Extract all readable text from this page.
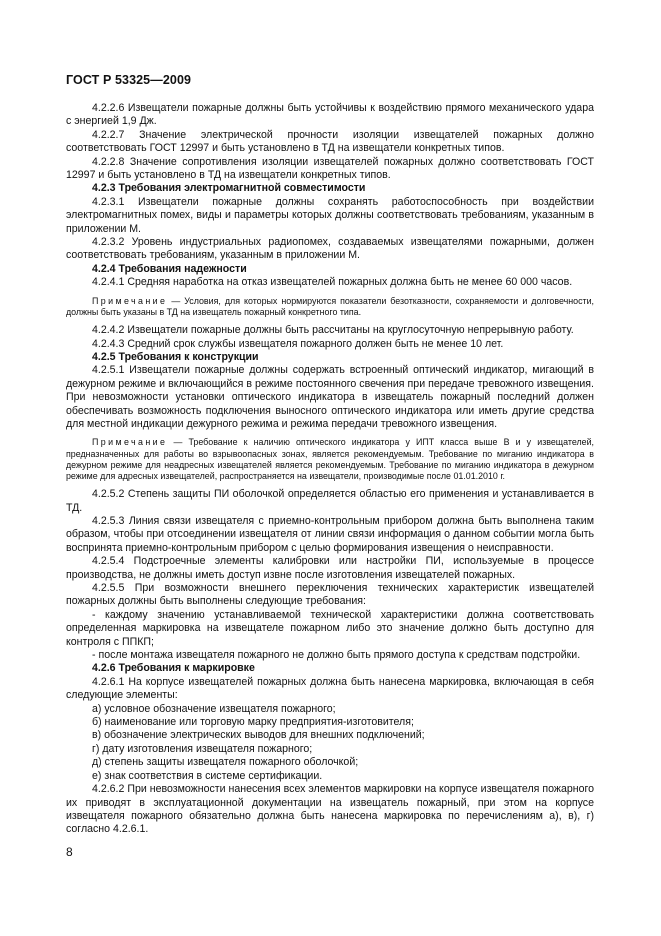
ГОСТ Р 53325—2009

4.2.2.6 Извещатели пожарные должны быть устойчивы к воздействию прямого механического удара с энергией 1,9 Дж.

4.2.2.7 Значение электрической прочности изоляции извещателей пожарных должно соответствовать ГОСТ 12997 и быть установлено в ТД на извещатели конкретных типов.

4.2.2.8 Значение сопротивления изоляции извещателей пожарных должно соответствовать ГОСТ 12997 и быть установлено в ТД на извещатели конкретных типов.

4.2.3 Требования электромагнитной совместимости

4.2.3.1 Извещатели пожарные должны сохранять работоспособность при воздействии электромагнитных помех, виды и параметры которых должны соответствовать требованиям, указанным в приложении М.

4.2.3.2 Уровень индустриальных радиопомех, создаваемых извещателями пожарными, должен соответствовать требованиям, указанным в приложении М.

4.2.4 Требования надежности

4.2.4.1 Средняя наработка на отказ извещателей пожарных должна быть не менее 60 000 часов.

Примечание — Условия, для которых нормируются показатели безотказности, сохраняемости и долговечности, должны быть указаны в ТД на извещатель пожарный конкретного типа.

4.2.4.2 Извещатели пожарные должны быть рассчитаны на круглосуточную непрерывную работу.

4.2.4.3 Средний срок службы извещателя пожарного должен быть не менее 10 лет.

4.2.5 Требования к конструкции

4.2.5.1 Извещатели пожарные должны содержать встроенный оптический индикатор, мигающий в дежурном режиме и включающийся в режиме постоянного свечения при передаче тревожного извещения. При невозможности установки оптического индикатора в извещатель пожарный последний должен обеспечивать возможность подключения выносного оптического индикатора или иметь другие средства для местной индикации дежурного режима и режима передачи тревожного извещения.

Примечание — Требование к наличию оптического индикатора у ИПТ класса выше В и у извещателей, предназначенных для работы во взрывоопасных зонах, является рекомендуемым. Требование по миганию индикатора в дежурном режиме для неадресных извещателей является рекомендуемым. Требование по миганию индикатора в дежурном режиме для адресных извещателей, распространяется на извещатели, производимые после 01.01.2010 г.

4.2.5.2 Степень защиты ПИ оболочкой определяется областью его применения и устанавливается в ТД.

4.2.5.3 Линия связи извещателя с приемно-контрольным прибором должна быть выполнена таким образом, чтобы при отсоединении извещателя от линии связи информация о данном событии могла быть воспринята приемно-контрольным прибором с целью формирования извещения о неисправности.

4.2.5.4 Подстроечные элементы калибровки или настройки ПИ, используемые в процессе производства, не должны иметь доступ извне после изготовления извещателей пожарных.

4.2.5.5 При возможности внешнего переключения технических характеристик извещателей пожарных должны быть выполнены следующие требования:

- каждому значению устанавливаемой технической характеристики должна соответствовать определенная маркировка на извещателе пожарном либо это значение должно быть доступно для контроля с ППКП;

- после монтажа извещателя пожарного не должно быть прямого доступа к средствам подстройки.

4.2.6 Требования к маркировке

4.2.6.1 На корпусе извещателей пожарных должна быть нанесена маркировка, включающая в себя следующие элементы:

а) условное обозначение извещателя пожарного;

б) наименование или торговую марку предприятия-изготовителя;

в) обозначение электрических выводов для внешних подключений;

г) дату изготовления извещателя пожарного;

д) степень защиты извещателя пожарного оболочкой;

е) знак соответствия в системе сертификации.

4.2.6.2 При невозможности нанесения всех элементов маркировки на корпусе извещателя пожарного их приводят в эксплуатационной документации на извещатель пожарный, при этом на корпусе извещателя пожарного обязательно должна быть нанесена маркировка по перечислениям а), в), г) согласно 4.2.6.1.

8
